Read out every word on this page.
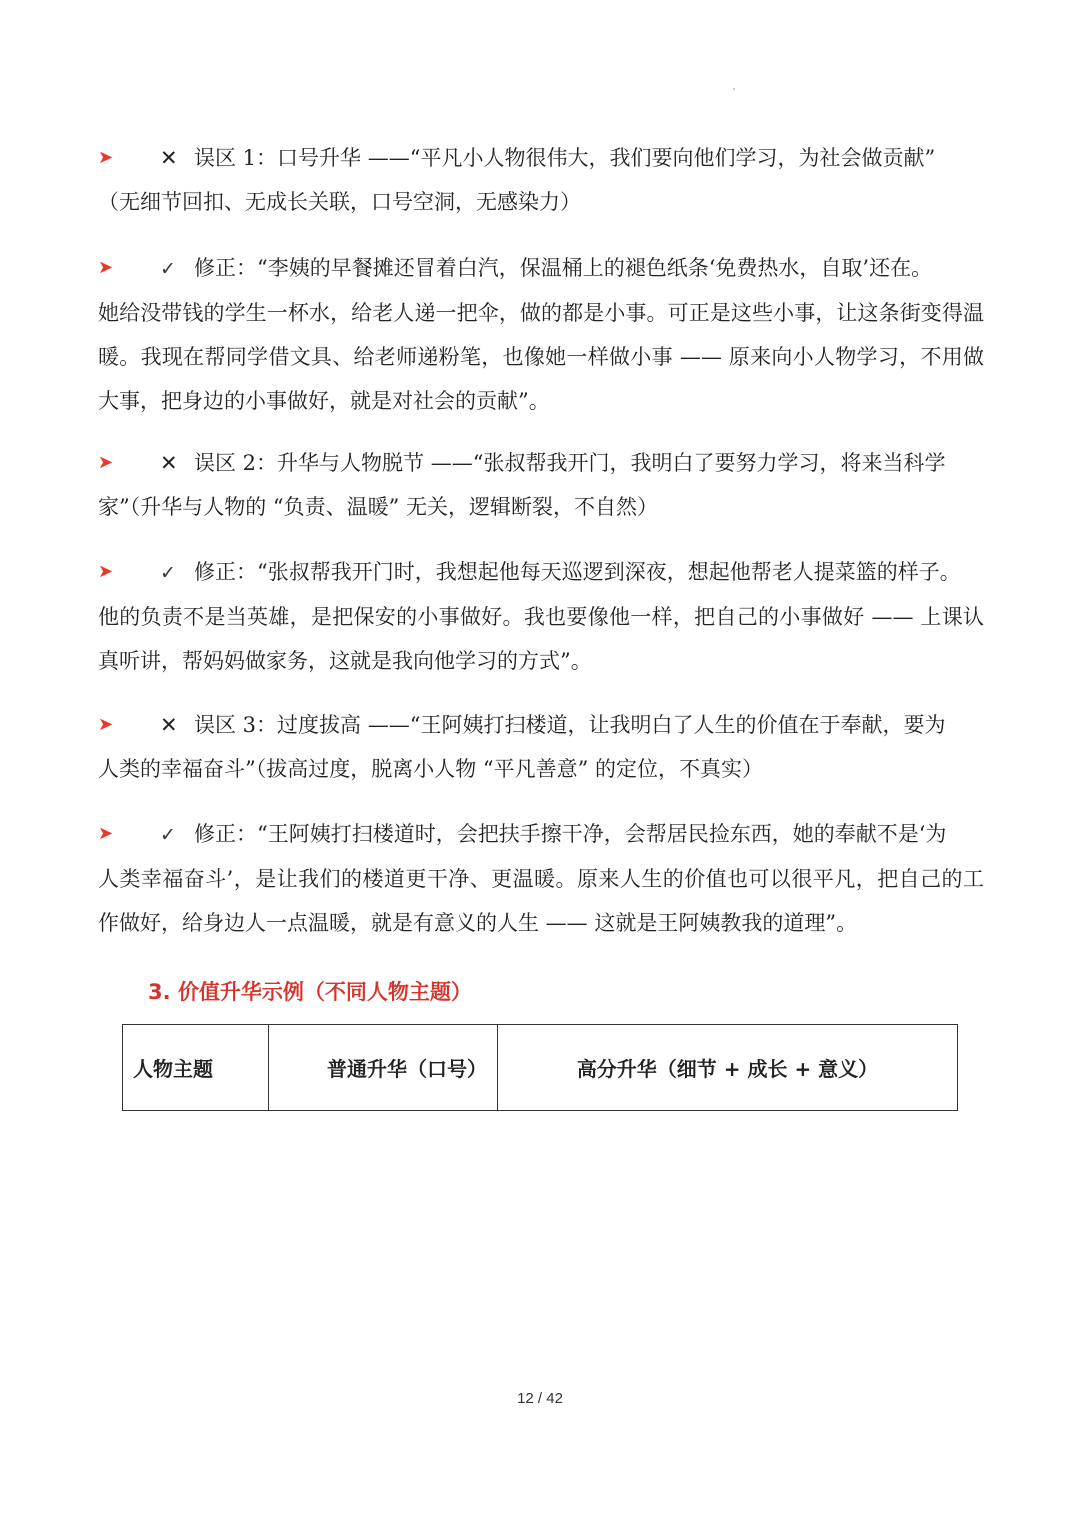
➤ ✕ 误区 1：口号升华 ——“平凡小人物很伟大，我们要向他们学习，为社会做贡献”
（无细节回扣、无成长关联，口号空洞，无感染力）
➤ ✓ 修正：“李姨的早餐摊还冒着白汽，保温桶上的褪色纸条‘免费热水，自取’还在。
她给没带钱的学生一杯水，给老人递一把伞，做的都是小事。可正是这些小事，让这条街变得温暖。我现在帮同学借文具、给老师递粉笔，也像她一样做小事 —— 原来向小人物学习，不用做大事，把身边的小事做好，就是对社会的贡献”。
➤ ✕ 误区 2：升华与人物脱节 ——“张叔帮我开门，我明白了要努力学习，将来当科学
家”（升华与人物的 “负责、温暖” 无关，逻辑断裂，不自然）
➤ ✓ 修正：“张叔帮我开门时，我想起他每天巡逻到深夜，想起他帮老人提菜篮的样子。
他的负责不是当英雄，是把保安的小事做好。我也要像他一样，把自己的小事做好 —— 上课认真听讲，帮妈妈做家务，这就是我向他学习的方式”。
➤ ✕ 误区 3：过度拔高 ——“王阿姨打扫楼道，让我明白了人生的价值在于奉献，要为
人类的幸福奋斗”（拔高过度，脱离小人物 “平凡善意” 的定位，不真实）
➤ ✓ 修正：“王阿姨打扫楼道时，会把扶手擦干净，会帮居民捡东西，她的奉献不是‘为
人类幸福奋斗’，是让我们的楼道更干净、更温暖。原来人生的价值也可以很平凡，把自己的工作做好，给身边人一点温暖，就是有意义的人生 —— 这就是王阿姨教我的道理”。
3. 价值升华示例（不同人物主题）
人物主题	普通升华（口号）	高分升华（细节 + 成长 + 意义）
12 / 42
